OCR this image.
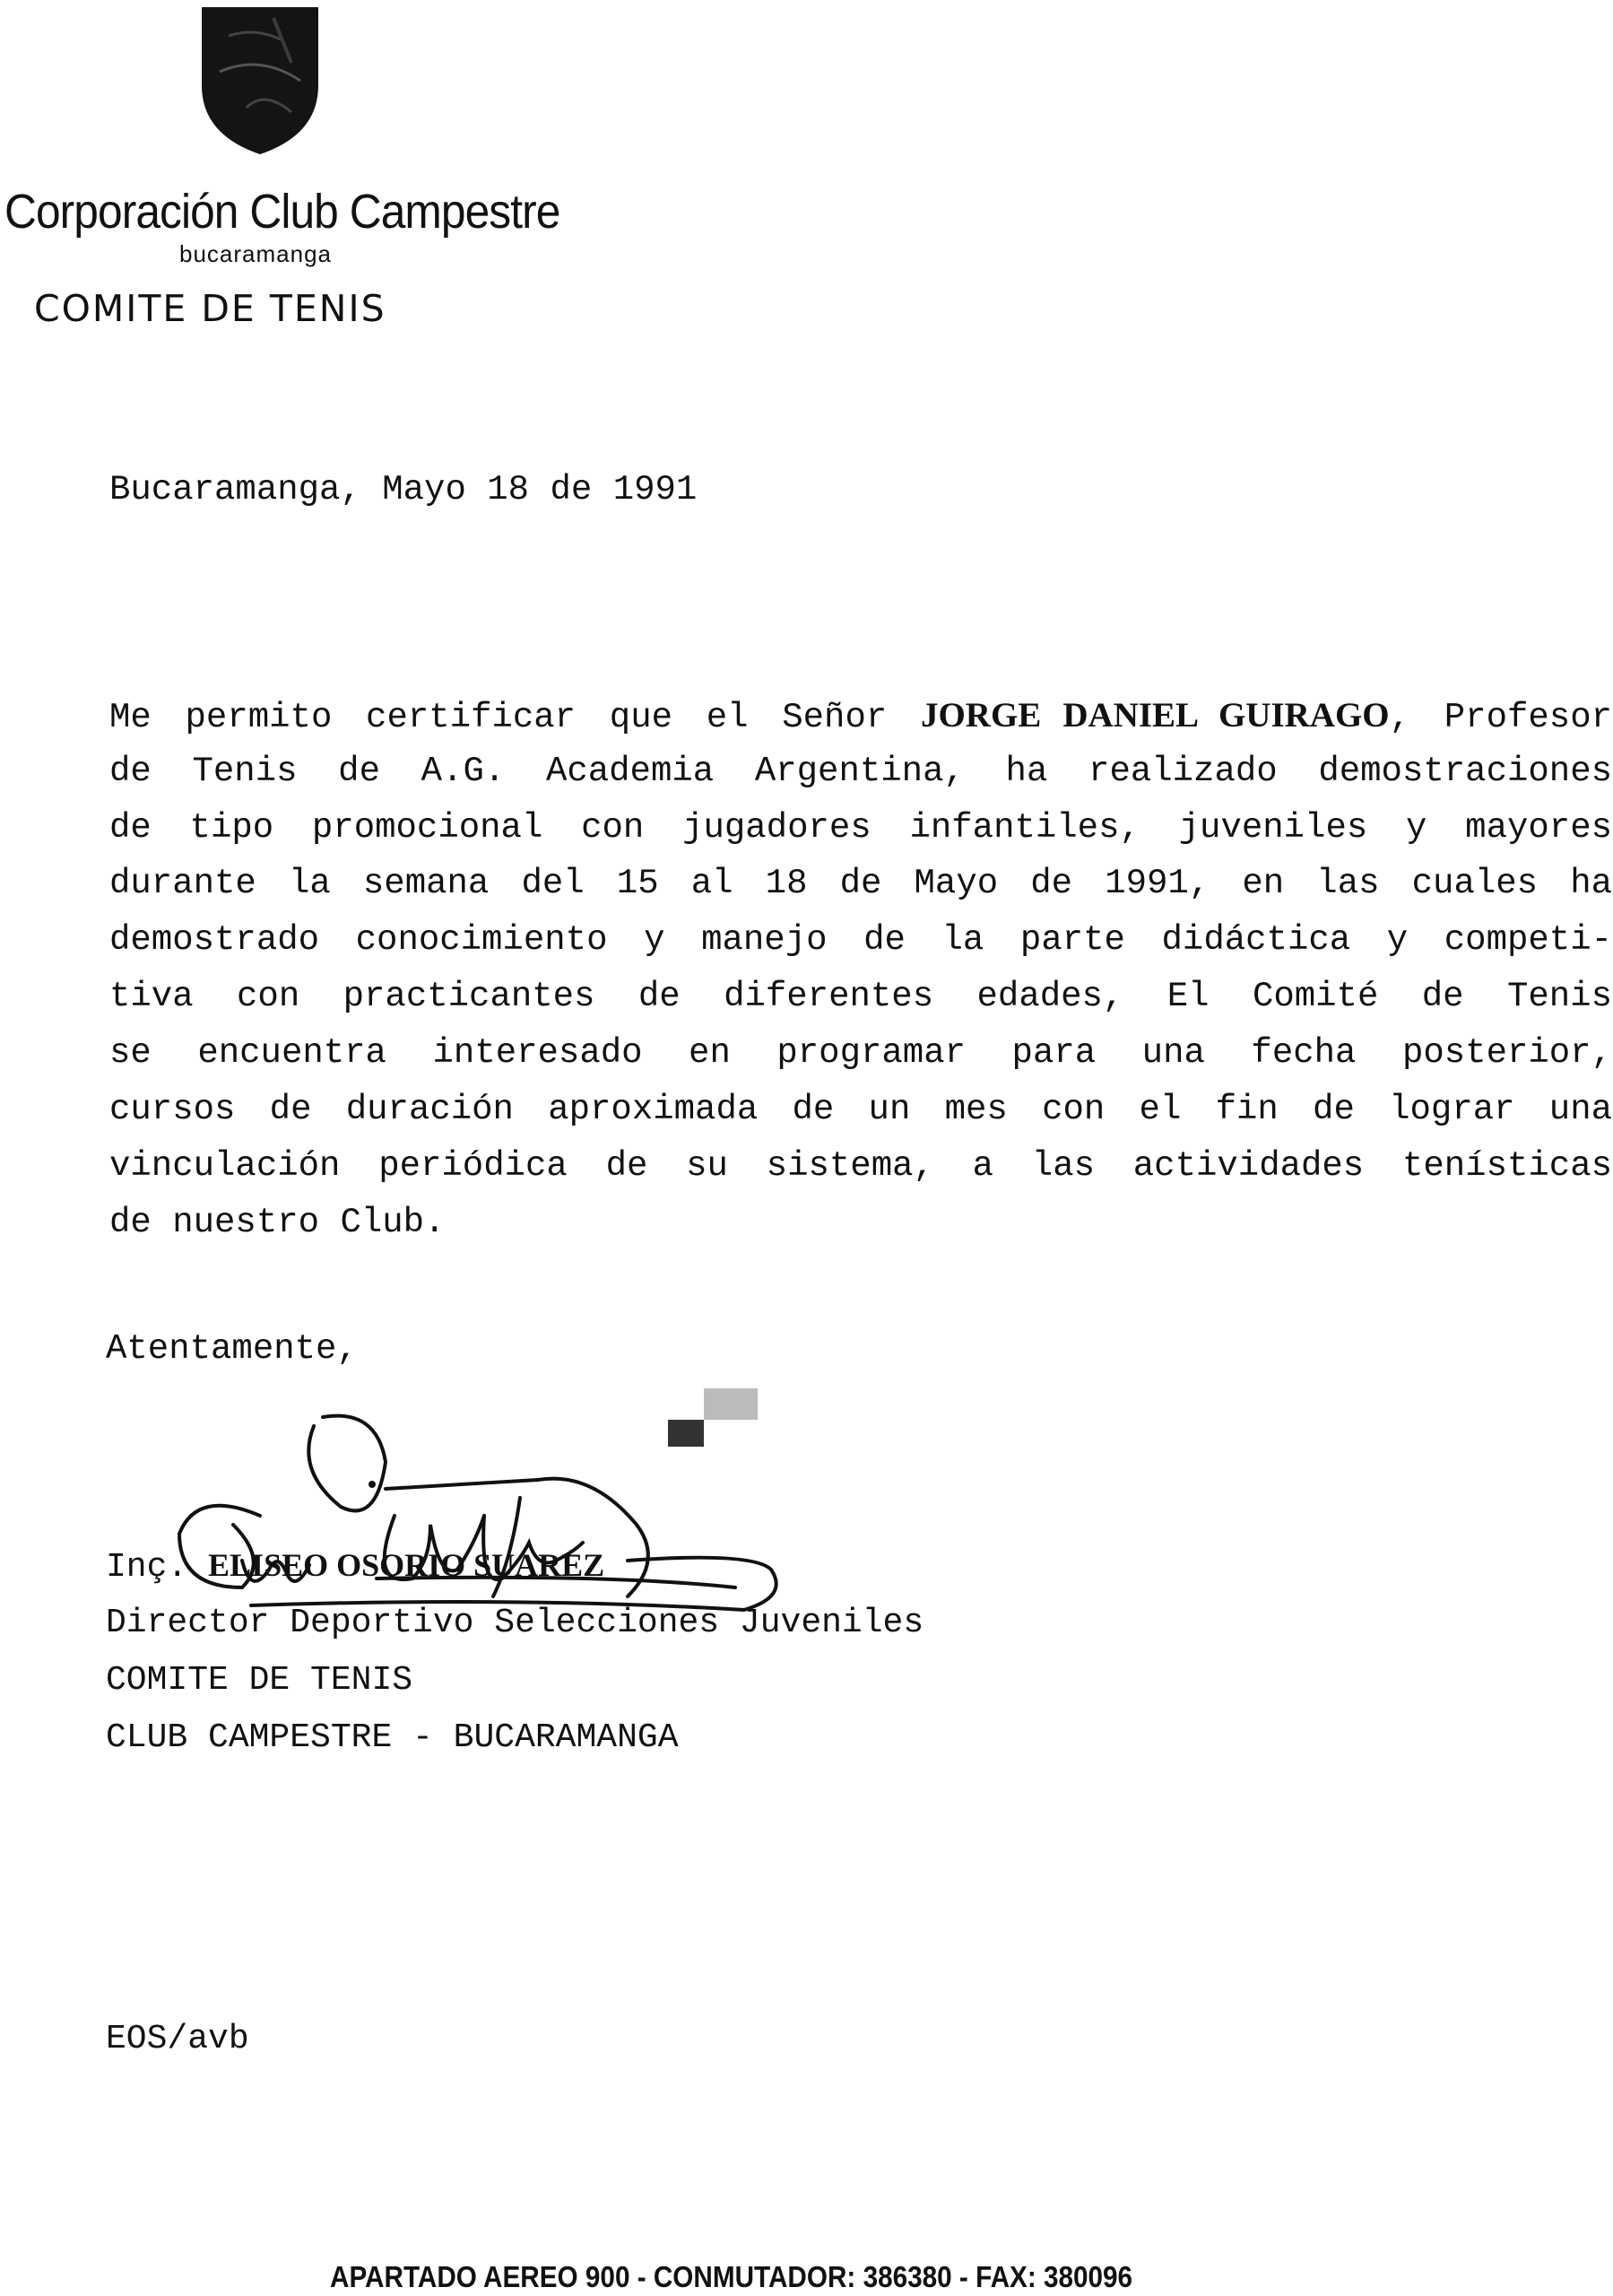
Corporación Club Campestre
bucaramanga
COMITE DE TENIS
Bucaramanga, Mayo 18 de 1991
Me permito certificar que el Señor JORGE DANIEL GUIRAGO, Profesor
de Tenis de A.G. Academia Argentina, ha realizado demostraciones
de tipo promocional con jugadores infantiles, juveniles y mayores
durante la semana del 15 al 18 de Mayo de 1991, en las cuales ha
demostrado conocimiento y manejo de la parte didáctica y competi-
tiva con practicantes de diferentes edades, El Comité de Tenis
se encuentra interesado en programar para una fecha posterior,
cursos de duración aproximada de un mes con el fin de lograr una
vinculación periódica de su sistema, a las actividades tenísticas
de nuestro Club.
Atentamente,
Inç. ELISEO OSORIO SUAREZ
Director Deportivo Selecciones Juveniles
COMITE DE TENIS
CLUB CAMPESTRE - BUCARAMANGA
EOS/avb
APARTADO AEREO 900 - CONMUTADOR: 386380 - FAX: 380096
